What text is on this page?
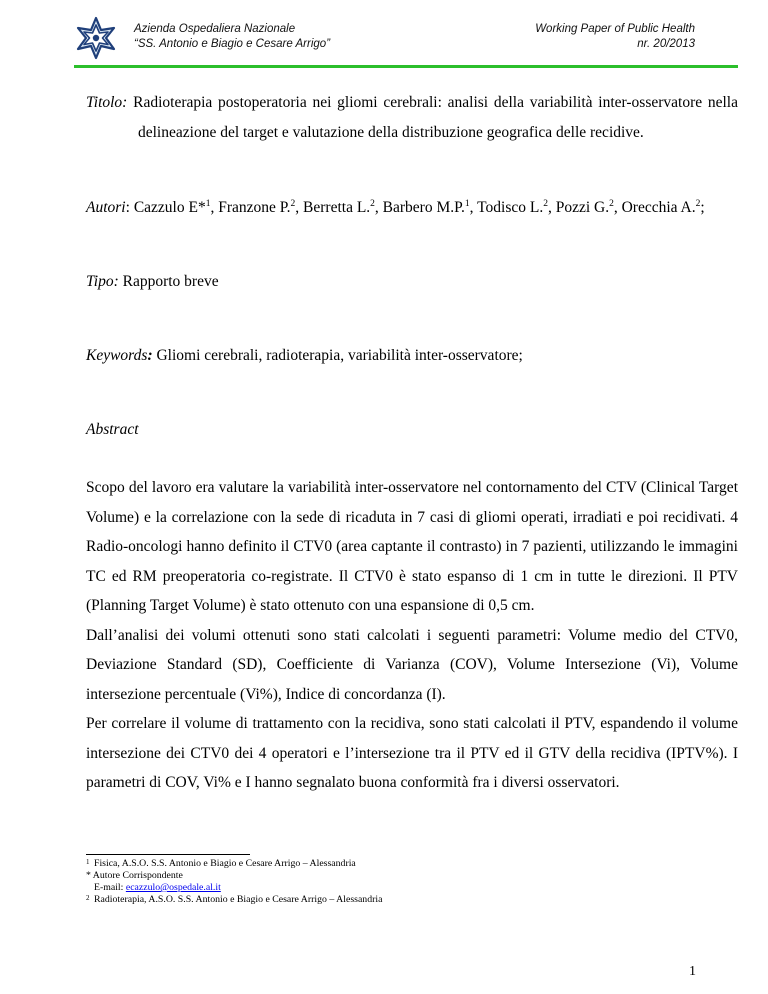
Azienda Ospedaliera Nazionale
“SS. Antonio e Biagio e Cesare Arrigo”
Working Paper of Public Health
nr. 20/2013

Titolo: Radioterapia postoperatoria nei gliomi cerebrali: analisi della variabilità inter-osservatore nella delineazione del target e valutazione della distribuzione geografica delle recidive.

Autori: Cazzulo E*$^1$, Franzone P.$^2$, Berretta L.$^2$, Barbero M.P.$^1$, Todisco L.$^2$, Pozzi G.$^2$, Orecchia A.$^2$;

Tipo: Rapporto breve

Keywords: Gliomi cerebrali, radioterapia, variabilità inter-osservatore;

Abstract

Scopo del lavoro era valutare la variabilità inter-osservatore nel contornamento del CTV (Clinical Target Volume) e la correlazione con la sede di ricaduta in 7 casi di gliomi operati, irradiati e poi recidivati. 4 Radio-oncologi hanno definito il CTV0 (area captante il contrasto) in 7 pazienti, utilizzando le immagini TC ed RM preoperatoria co-registrate. Il CTV0 è stato espanso di 1 cm in tutte le direzioni. Il PTV (Planning Target Volume) è stato ottenuto con una espansione di 0,5 cm.

Dall’analisi dei volumi ottenuti sono stati calcolati i seguenti parametri: Volume medio del CTV0, Deviazione Standard (SD), Coefficiente di Varianza (COV), Volume Intersezione (Vi), Volume intersezione percentuale (Vi%), Indice di concordanza (I).

Per correlare il volume di trattamento con la recidiva, sono stati calcolati il PTV, espandendo il volume intersezione dei CTV0 dei 4 operatori e l’intersezione tra il PTV ed il GTV della recidiva (IPTV%). I parametri di COV, Vi% e I hanno segnalato buona conformità fra i diversi osservatori.

1 Fisica, A.S.O. S.S. Antonio e Biagio e Cesare Arrigo – Alessandria
* Autore Corrispondente
E-mail: ecazzulo@ospedale.al.it
2 Radioterapia, A.S.O. S.S. Antonio e Biagio e Cesare Arrigo – Alessandria
1
